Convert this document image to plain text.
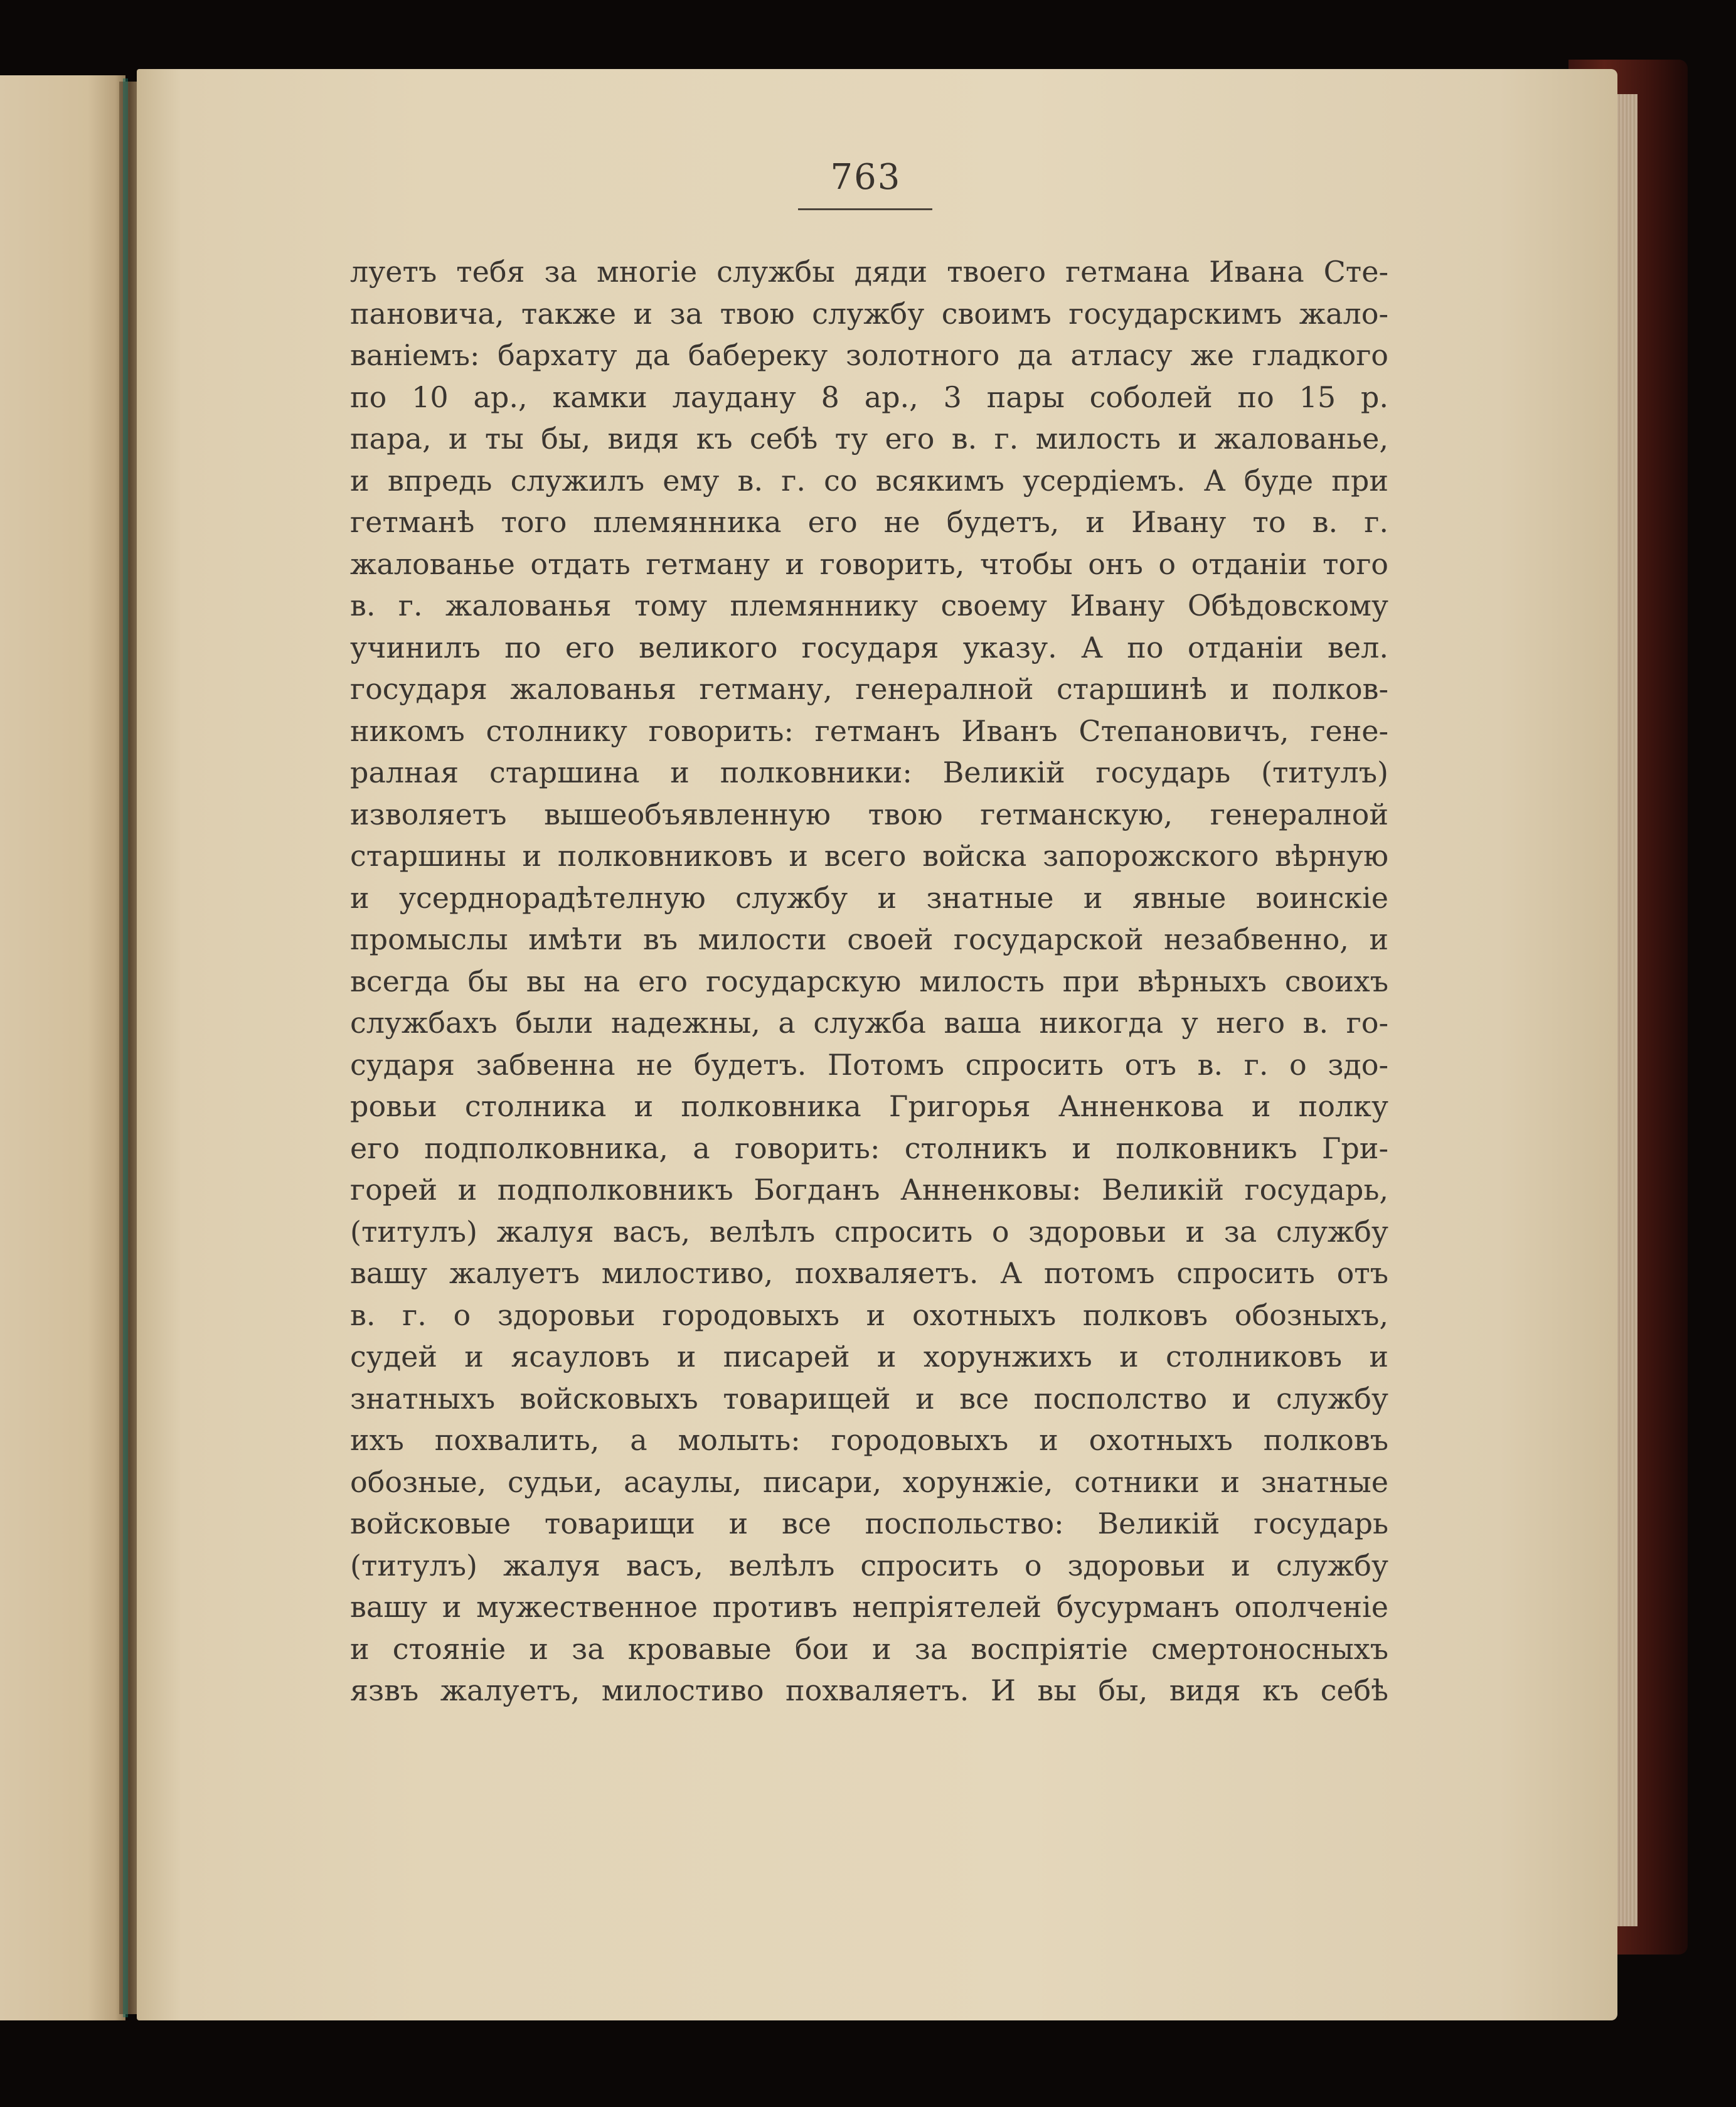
763
луетъ тебя за многіе службы дяди твоего гетмана Ивана Сте-
пановича, также и за твою службу своимъ государскимъ жало-
ваніемъ: бархату да бабереку золотного да атласу же гладкого
по 10 ар., камки лаудану 8 ар., 3 пары соболей по 15 р.
пара, и ты бы, видя къ себѣ ту его в. г. милость и жалованье,
и впредь служилъ ему в. г. со всякимъ усердіемъ. А буде при
гетманѣ того племянника его не будетъ, и Ивану то в. г.
жалованье отдать гетману и говорить, чтобы онъ о отданіи того
в. г. жалованья тому племяннику своему Ивану Обѣдовскому
учинилъ по его великого государя указу. А по отданіи вел.
государя жалованья гетману, генералной старшинѣ и полков-
никомъ столнику говорить: гетманъ Иванъ Степановичъ, гене-
ралная старшина и полковники: Великій государь (титулъ)
изволяетъ вышеобъявленную твою гетманскую, генералной
старшины и полковниковъ и всего войска запорожского вѣрную
и усерднорадѣтелную службу и знатные и явные воинскіе
промыслы имѣти въ милости своей государской незабвенно, и
всегда бы вы на его государскую милость при вѣрныхъ своихъ
службахъ были надежны, а служба ваша никогда у него в. го-
сударя забвенна не будетъ. Потомъ спросить отъ в. г. о здо-
ровьи столника и полковника Григорья Анненкова и полку
его подполковника, а говорить: столникъ и полковникъ Гри-
горей и подполковникъ Богданъ Анненковы: Великій государь,
(титулъ) жалуя васъ, велѣлъ спросить о здоровьи и за службу
вашу жалуетъ милостиво, похваляетъ. А потомъ спросить отъ
в. г. о здоровьи городовыхъ и охотныхъ полковъ обозныхъ,
судей и ясауловъ и писарей и хорунжихъ и столниковъ и
знатныхъ войсковыхъ товарищей и все посполство и службу
ихъ похвалить, а молыть: городовыхъ и охотныхъ полковъ
обозные, судьи, асаулы, писари, хорунжіе, сотники и знатные
войсковые товарищи и все поспольство: Великій государь
(титулъ) жалуя васъ, велѣлъ спросить о здоровьи и службу
вашу и мужественное противъ непріятелей бусурманъ ополченіе
и стояніе и за кровавые бои и за воспріятіе смертоносныхъ
язвъ жалуетъ, милостиво похваляетъ. И вы бы, видя къ себѣ
